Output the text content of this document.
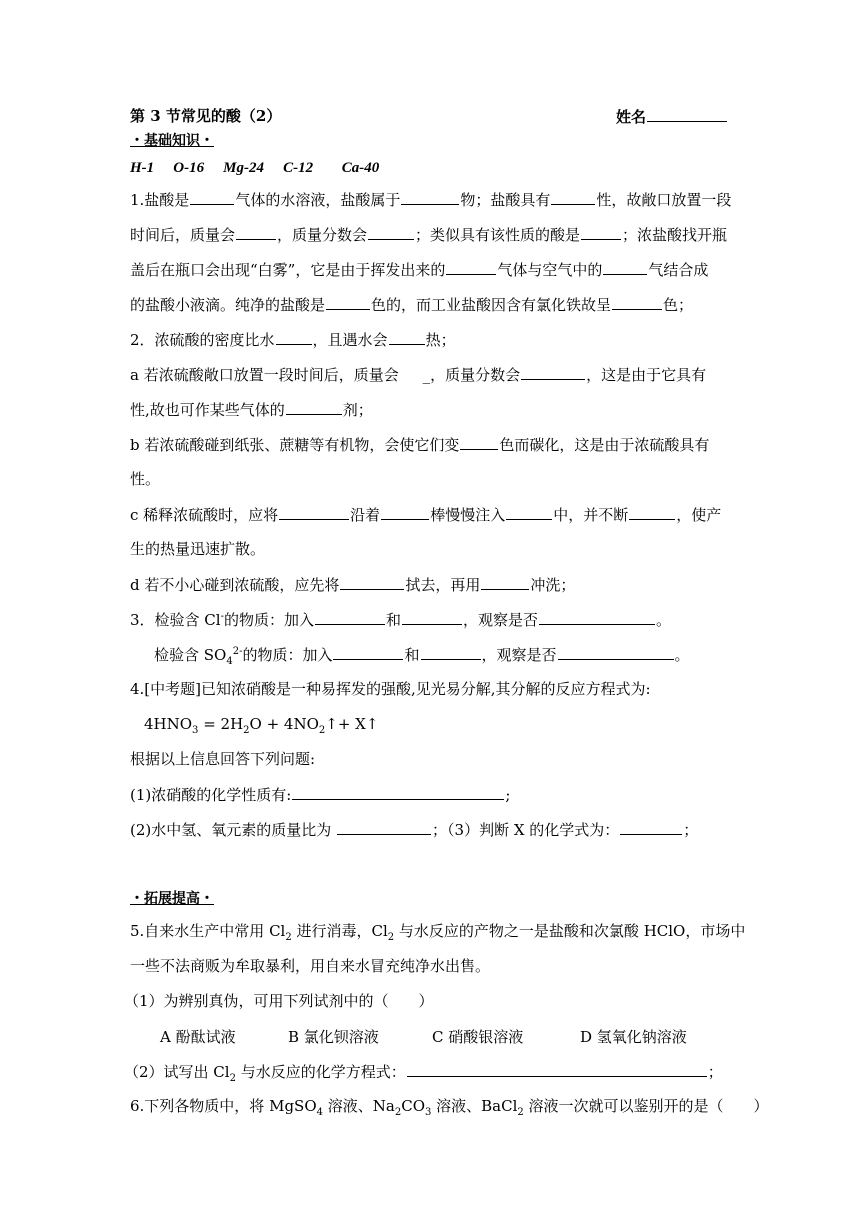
第 3 节常见的酸（2）	姓名
・基础知识・
H-1 O-16 Mg-24 C-12 Ca-40
1.盐酸是	气体的水溶液，盐酸属于	物；盐酸具有	性，故敞口放置一段
时间后，质量会	，质量分数会	；类似具有该性质的酸是	；浓盐酸找开瓶
盖后在瓶口会出现“白雾”，它是由于挥发出来的	气体与空气中的	气结合成
的盐酸小液滴。纯净的盐酸是	色的，而工业盐酸因含有氯化铁故呈	色；
2．浓硫酸的密度比水	，且遇水会	热；
a 若浓硫酸敞口放置一段时间后，质量会 _，质量分数会	，这是由于它具有
性,故也可作某些气体的	剂；
b 若浓硫酸碰到纸张、蔗糖等有机物，会使它们变	色而碳化，这是由于浓硫酸具有
性。
c 稀释浓硫酸时，应将	沿着	棒慢慢注入	中，并不断	，使产
生的热量迅速扩散。
d 若不小心碰到浓硫酸，应先将	拭去，再用	冲洗；
3．检验含 Cl-的物质：加入	和	，观察是否	。
检验含 $SO_4^{2-}$的物质：加入	和	，观察是否	。
4.[中考题]已知浓硝酸是一种易挥发的强酸,见光易分解,其分解的反应方程式为:
$4HNO_3 = 2H_2O$ + $4NO_2↑+$ X↑
根据以上信息回答下列问题:
(1)浓硝酸的化学性质有:	;
(2)水中氢、氧元素的质量比为	；（3）判断 X 的化学式为：	；
・拓展提高・
5.自来水生产中常用 $Cl_2$ 进行消毒，$Cl_2$ 与水反应的产物之一是盐酸和次氯酸 HClO，市场中
一些不法商贩为牟取暴利，用自来水冒充纯净水出售。
（1）为辨别真伪，可用下列试剂中的（　　）
A 酚酞试液	B 氯化钡溶液	C 硝酸银溶液	D 氢氧化钠溶液
（2）试写出 $Cl_2$ 与水反应的化学方程式：	；
6.下列各物质中，将 MgSO$_4$ 溶液、$Na_2CO_3$ 溶液、BaCl$_2$ 溶液一次就可以鉴别开的是（　　）
